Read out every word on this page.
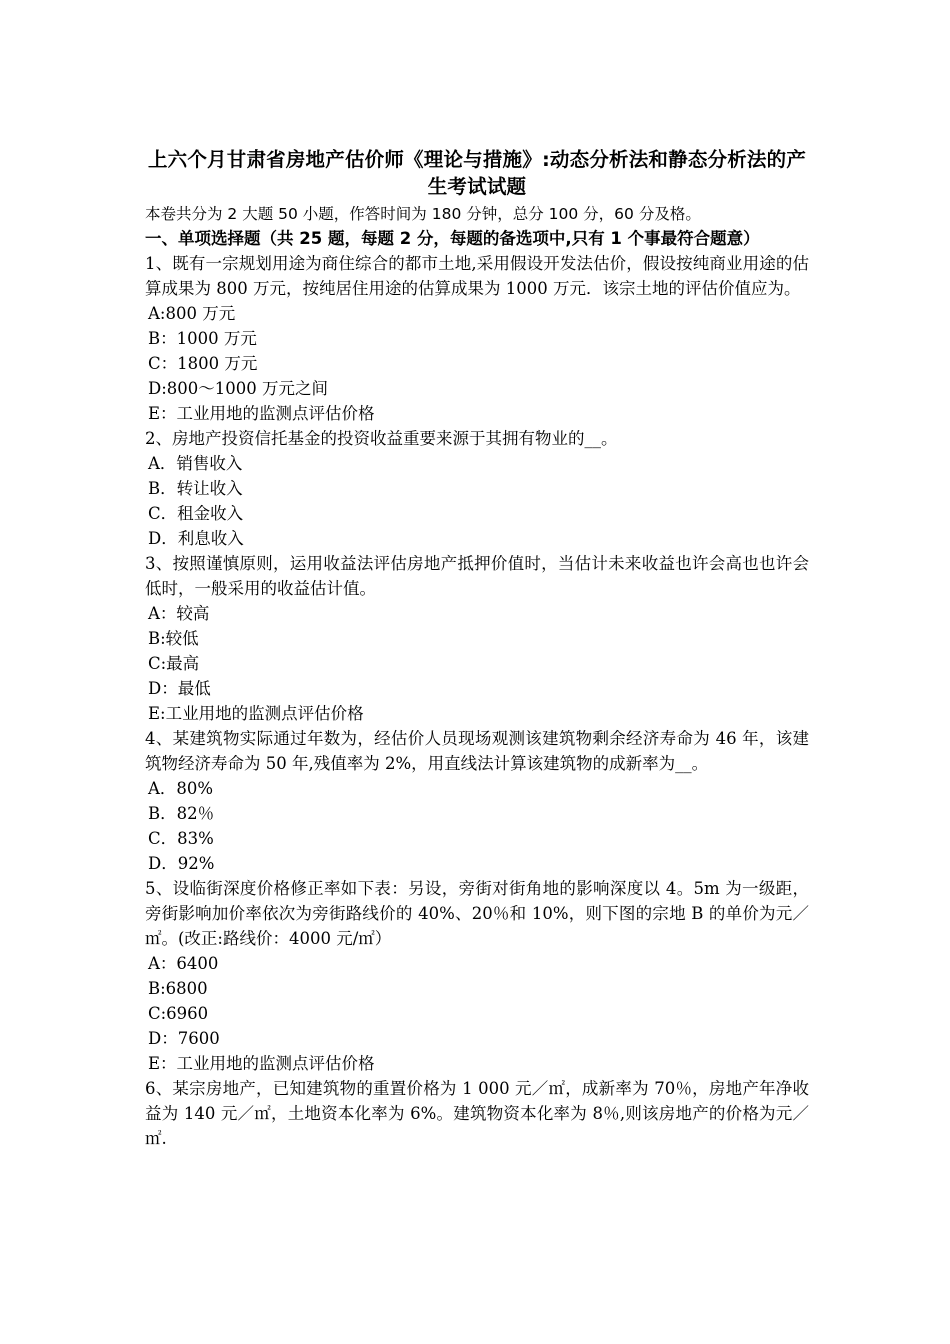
上六个月甘肃省房地产估价师《理论与措施》:动态分析法和静态分析法的产生考试试题
本卷共分为 2 大题 50 小题，作答时间为 180 分钟，总分 100 分，60 分及格。
一、单项选择题（共 25 题，每题 2 分，每题的备选项中,只有 1 个事最符合题意）
1、既有一宗规划用途为商住综合的都市土地,采用假设开发法估价，假设按纯商业用途的估算成果为 800 万元，按纯居住用途的估算成果为 1000 万元．该宗土地的评估价值应为。
A:800 万元
B：1000 万元
C：1800 万元
D:800～1000 万元之间
E：工业用地的监测点评估价格
2、房地产投资信托基金的投资收益重要来源于其拥有物业的__。
A．销售收入
B．转让收入
C．租金收入
D．利息收入
3、按照谨慎原则，运用收益法评估房地产抵押价值时，当估计未来收益也许会高也也许会低时，一般采用的收益估计值。
A：较高
B:较低
C:最高
D：最低
E:工业用地的监测点评估价格
4、某建筑物实际通过年数为，经估价人员现场观测该建筑物剩余经济寿命为 46 年，该建筑物经济寿命为 50 年,残值率为 2%，用直线法计算该建筑物的成新率为__。
A．80%
B．82％
C．83%
D．92%
5、设临街深度价格修正率如下表：另设，旁街对街角地的影响深度以 4。5m 为一级距，旁街影响加价率依次为旁街路线价的 40%、20％和 10%，则下图的宗地 B 的单价为元／㎡。(改正:路线价：4000 元/㎡）
A：6400
B:6800
C:6960
D：7600
E：工业用地的监测点评估价格
6、某宗房地产，已知建筑物的重置价格为 1 000 元／㎡，成新率为 70％，房地产年净收益为 140 元／㎡，土地资本化率为 6%。建筑物资本化率为 8％,则该房地产的价格为元／㎡.
